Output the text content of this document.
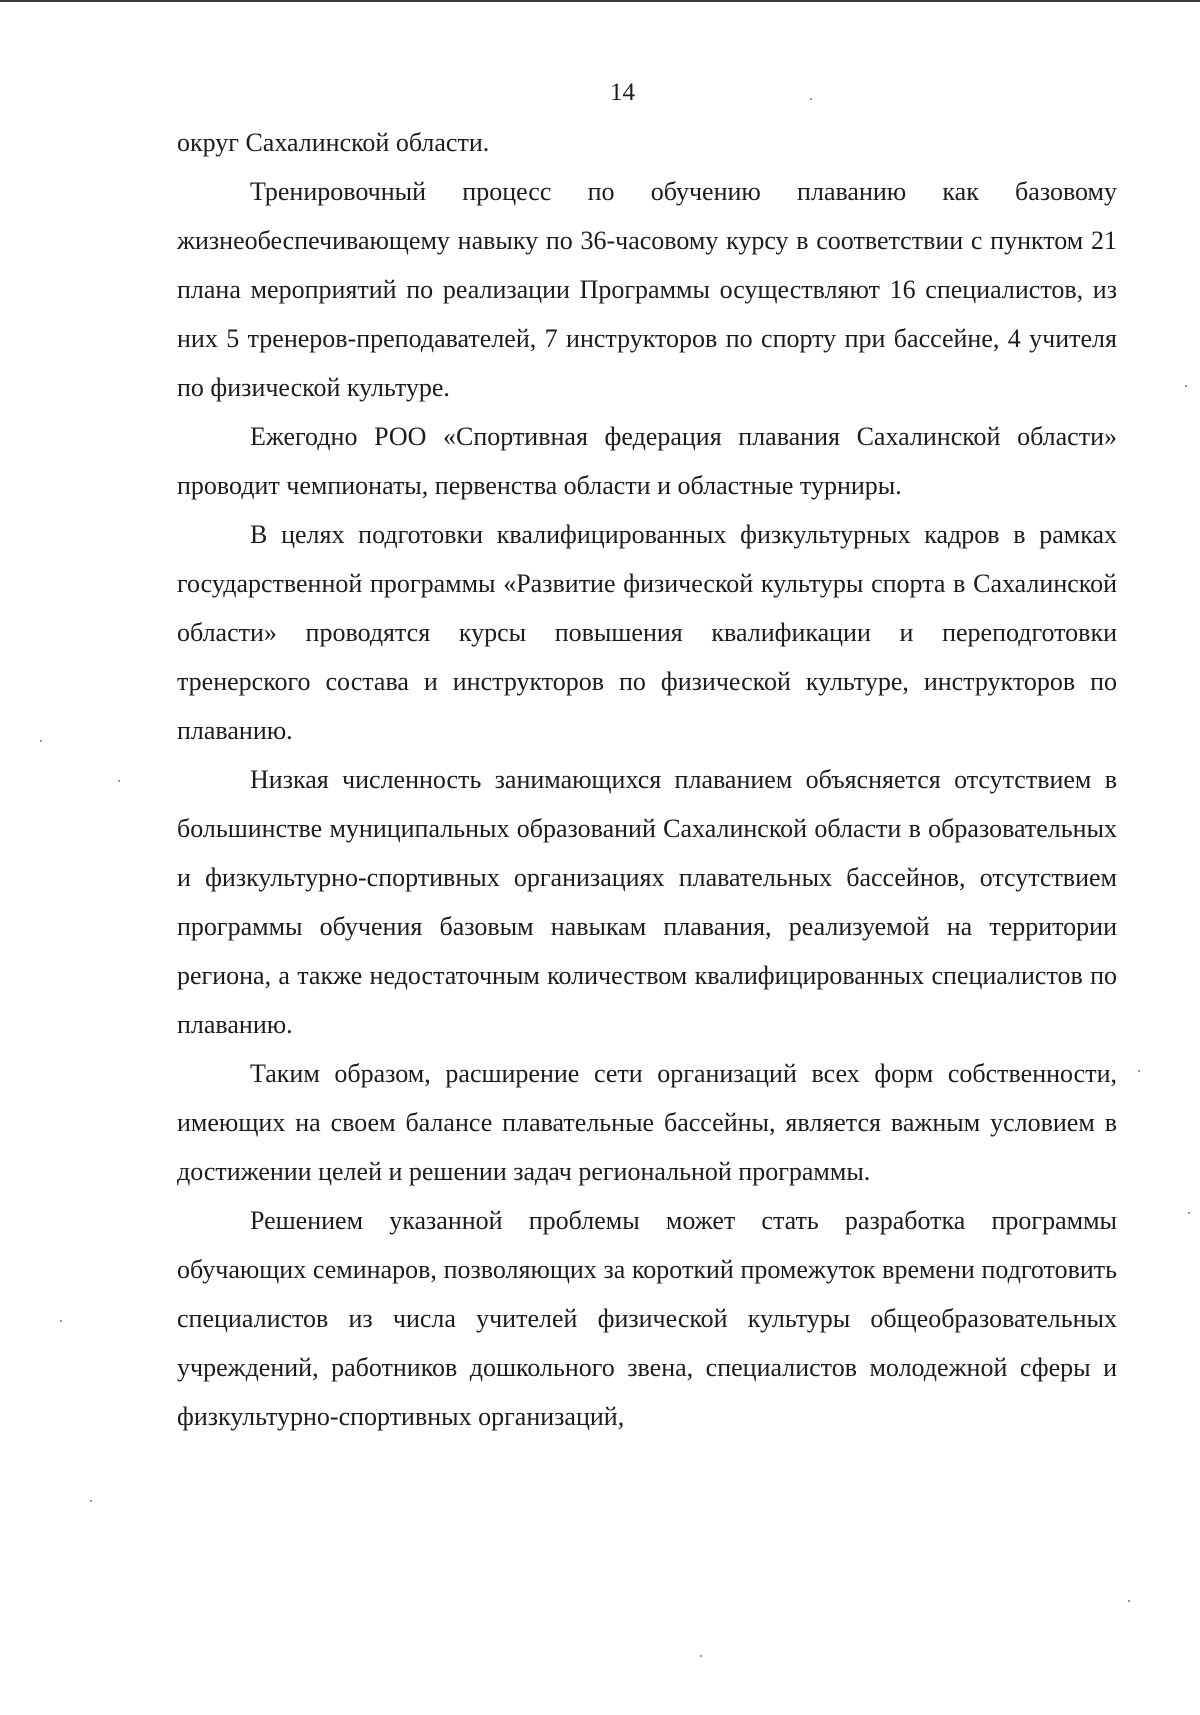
14

округ Сахалинской области.

Тренировочный процесс по обучению плаванию как базовому жизнеобеспечивающему навыку по 36-часовому курсу в соответствии с пунктом 21 плана мероприятий по реализации Программы осуществляют 16 специалистов, из них 5 тренеров-преподавателей, 7 инструкторов по спорту при бассейне, 4 учителя по физической культуре.

Ежегодно РОО «Спортивная федерация плавания Сахалинской области» проводит чемпионаты, первенства области и областные турниры.

В целях подготовки квалифицированных физкультурных кадров в рамках государственной программы «Развитие физической культуры спорта в Сахалинской области» проводятся курсы повышения квалификации и переподготовки тренерского состава и инструкторов по физической культуре, инструкторов по плаванию.

Низкая численность занимающихся плаванием объясняется отсутствием в большинстве муниципальных образований Сахалинской области в образовательных и физкультурно-спортивных организациях плавательных бассейнов, отсутствием программы обучения базовым навыкам плавания, реализуемой на территории региона, а также недостаточным количеством квалифицированных специалистов по плаванию.

Таким образом, расширение сети организаций всех форм собственности, имеющих на своем балансе плавательные бассейны, является важным условием в достижении целей и решении задач региональной программы.

Решением указанной проблемы может стать разработка программы обучающих семинаров, позволяющих за короткий промежуток времени подготовить специалистов из числа учителей физической культуры общеобразовательных учреждений, работников дошкольного звена, специалистов молодежной сферы и физкультурно-спортивных организаций,
